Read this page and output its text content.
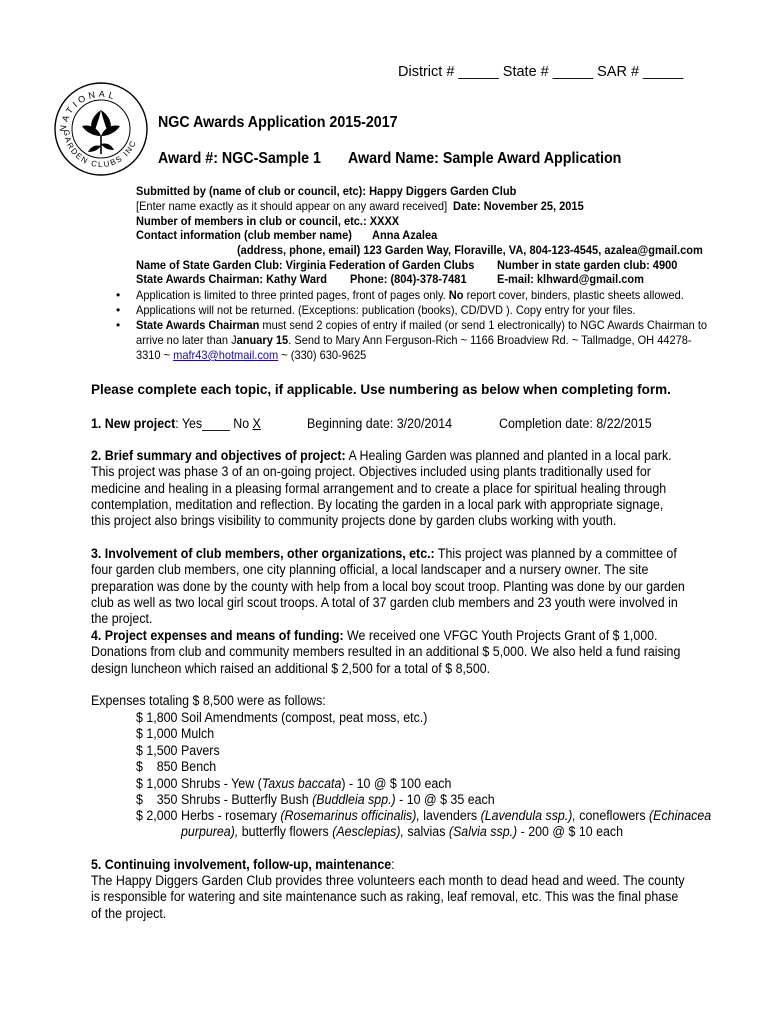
District # _____ State # _____ SAR # _____
NATIONAL
GARDEN CLUBS INC
NGC Awards Application 2015-2017
Award #: NGC-Sample 1 Award Name: Sample Award Application
Submitted by (name of club or council, etc): Happy Diggers Garden Club
[Enter name exactly as it should appear on any award received] Date: November 25, 2015
Number of members in club or council, etc.: XXXX
Contact information (club member name) Anna Azalea
(address, phone, email) 123 Garden Way, Floraville, VA, 804-123-4545, azalea@gmail.com
Name of State Garden Club: Virginia Federation of Garden Clubs Number in state garden club: 4900
State Awards Chairman: Kathy Ward Phone: (804)-378-7481	E-mail: klhward@gmail.com
• Application is limited to three printed pages, front of pages only. No report cover, binders, plastic sheets allowed.
• Applications will not be returned. (Exceptions: publication (books), CD/DVD ). Copy entry for your files.
• State Awards Chairman must send 2 copies of entry if mailed (or send 1 electronically) to NGC Awards Chairman to
arrive no later than January 15. Send to Mary Ann Ferguson-Rich ~ 1166 Broadview Rd. ~ Tallmadge, OH 44278-
3310 ~ mafr43@hotmail.com ~ (330) 630-9625
Please complete each topic, if applicable. Use numbering as below when completing form.
1. New project: Yes____ No X	Beginning date: 3/20/2014	Completion date: 8/22/2015
2. Brief summary and objectives of project: A Healing Garden was planned and planted in a local park. This project was phase 3 of an on-going project. Objectives included using plants traditionally used for medicine and healing in a pleasing formal arrangement and to create a place for spiritual healing through contemplation, meditation and reflection. By locating the garden in a local park with appropriate signage, this project also brings visibility to community projects done by garden clubs working with youth.
3. Involvement of club members, other organizations, etc.: This project was planned by a committee of four garden club members, one city planning official, a local landscaper and a nursery owner. The site preparation was done by the county with help from a local boy scout troop. Planting was done by our garden club as well as two local girl scout troops. A total of 37 garden club members and 23 youth were involved in the project.
4. Project expenses and means of funding: We received one VFGC Youth Projects Grant of $ 1,000. Donations from club and community members resulted in an additional $ 5,000. We also held a fund raising design luncheon which raised an additional $ 2,500 for a total of $ 8,500.
Expenses totaling $ 8,500 were as follows:
$ 1,800 Soil Amendments (compost, peat moss, etc.)
$ 1,000 Mulch
$ 1,500 Pavers
$    850 Bench
$ 1,000 Shrubs - Yew (Taxus baccata) - 10 @ $ 100 each
$    350 Shrubs - Butterfly Bush (Buddleia spp.) - 10 @ $ 35 each
$ 2,000 Herbs - rosemary (Rosemarinus officinalis), lavenders (Lavendula ssp.), coneflowers (Echinacea
purpurea), butterfly flowers (Aesclepias), salvias (Salvia ssp.) - 200 @ $ 10 each
5. Continuing involvement, follow-up, maintenance:
The Happy Diggers Garden Club provides three volunteers each month to dead head and weed. The county is responsible for watering and site maintenance such as raking, leaf removal, etc. This was the final phase of the project.
